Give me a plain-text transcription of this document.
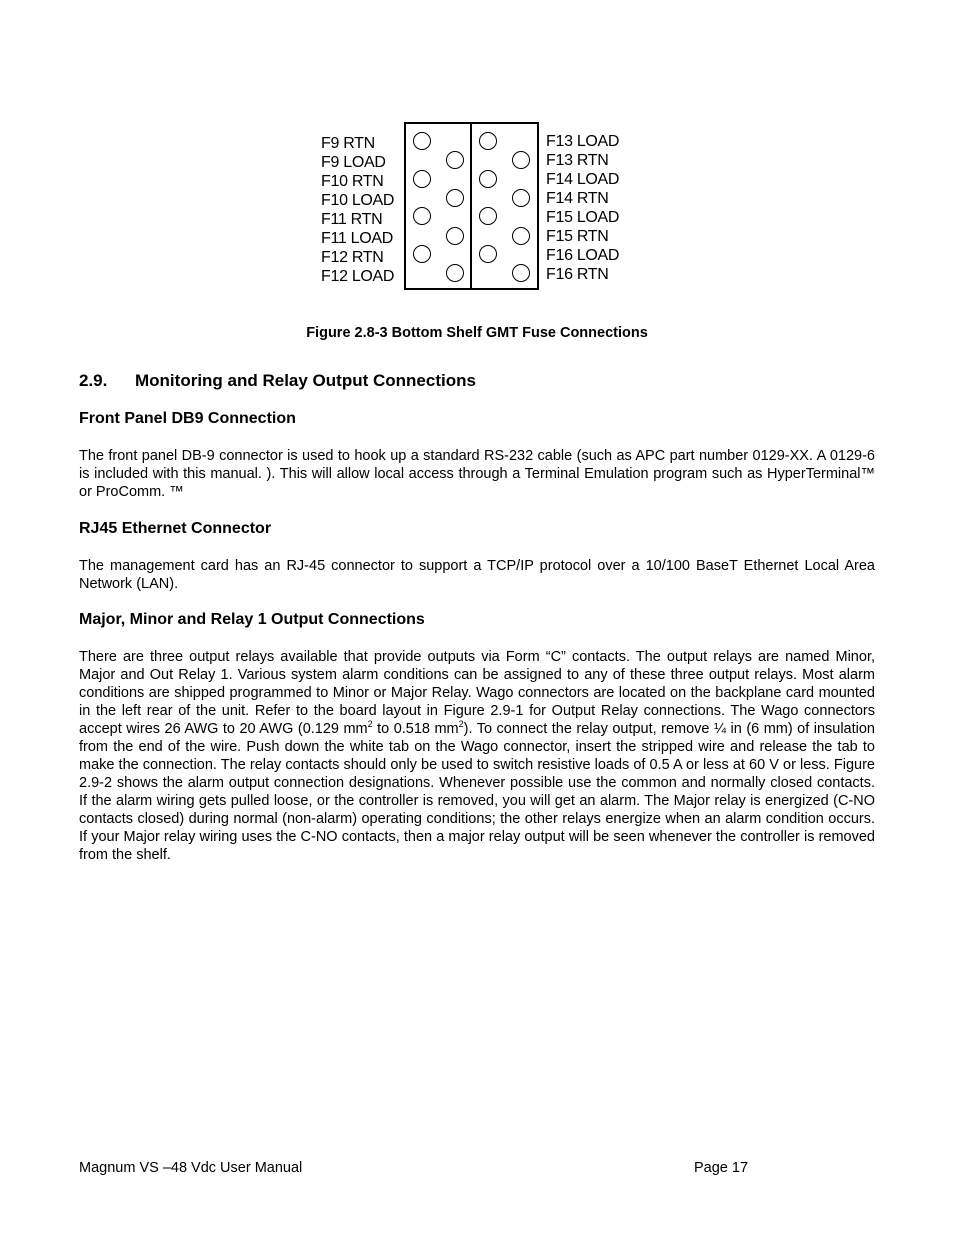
F9 RTN
F9 LOAD
F10 RTN
F10 LOAD
F11 RTN
F11 LOAD
F12 RTN
F12 LOAD
F13 LOAD
F13 RTN
F14 LOAD
F14 RTN
F15 LOAD
F15 RTN
F16 LOAD
F16 RTN
Figure 2.8-3 Bottom Shelf GMT Fuse Connections
2.9. Monitoring and Relay Output Connections
Front Panel DB9 Connection
The front panel DB-9 connector is used to hook up a standard RS-232 cable (such as APC part number 0129-XX. A 0129-6 is included with this manual. ). This will allow local access through a Terminal Emulation program such as HyperTerminal™ or ProComm. ™
RJ45 Ethernet Connector
The management card has an RJ-45 connector to support a TCP/IP protocol over a 10/100 BaseT Ethernet Local Area Network (LAN).
Major, Minor and Relay 1 Output Connections
There are three output relays available that provide outputs via Form “C” contacts. The output relays are named Minor, Major and Out Relay 1. Various system alarm conditions can be assigned to any of these three output relays. Most alarm conditions are shipped programmed to Minor or Major Relay. Wago connectors are located on the backplane card mounted in the left rear of the unit. Refer to the board layout in Figure 2.9-1 for Output Relay connections. The Wago connectors accept wires 26 AWG to 20 AWG (0.129 $mm^2$ to 0.518 $mm^2$). To connect the relay output, remove ¼ in (6 mm) of insulation from the end of the wire. Push down the white tab on the Wago connector, insert the stripped wire and release the tab to make the connection. The relay contacts should only be used to switch resistive loads of 0.5 A or less at 60 V or less. Figure 2.9-2 shows the alarm output connection designations. Whenever possible use the common and normally closed contacts. If the alarm wiring gets pulled loose, or the controller is removed, you will get an alarm. The Major relay is energized (C-NO contacts closed) during normal (non-alarm) operating conditions; the other relays energize when an alarm condition occurs. If your Major relay wiring uses the C-NO contacts, then a major relay output will be seen whenever the controller is removed from the shelf.
Magnum VS –48 Vdc User Manual	Page 17
